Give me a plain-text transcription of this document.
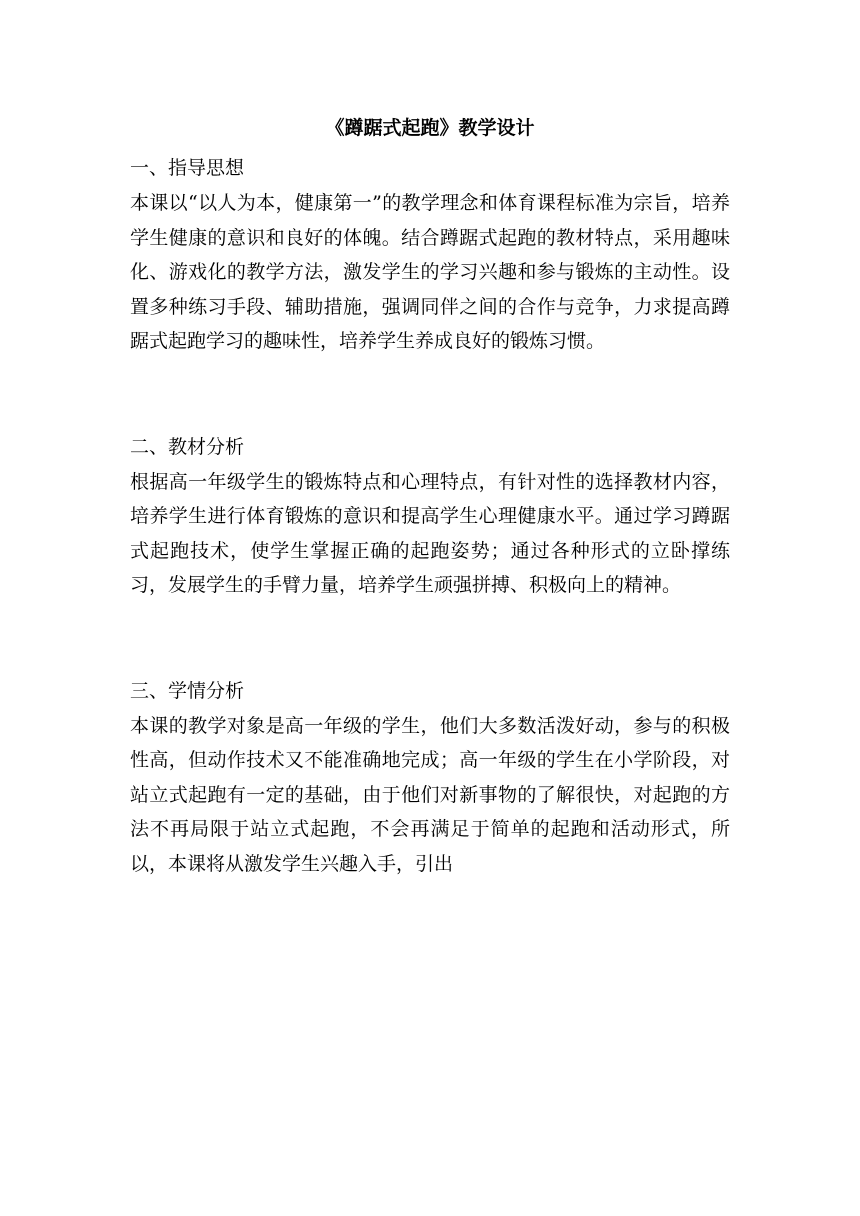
《蹲踞式起跑》教学设计

一、指导思想

本课以“以人为本，健康第一”的教学理念和体育课程标准为宗旨，培养学生健康的意识和良好的体魄。结合蹲踞式起跑的教材特点，采用趣味化、游戏化的教学方法，激发学生的学习兴趣和参与锻炼的主动性。设置多种练习手段、辅助措施，强调同伴之间的合作与竞争，力求提高蹲踞式起跑学习的趣味性，培养学生养成良好的锻炼习惯。

二、教材分析

根据高一年级学生的锻炼特点和心理特点，有针对性的选择教材内容，培养学生进行体育锻炼的意识和提高学生心理健康水平。通过学习蹲踞式起跑技术，使学生掌握正确的起跑姿势；通过各种形式的立卧撑练习，发展学生的手臂力量，培养学生顽强拼搏、积极向上的精神。

三、学情分析

本课的教学对象是高一年级的学生，他们大多数活泼好动，参与的积极性高，但动作技术又不能准确地完成；高一年级的学生在小学阶段，对站立式起跑有一定的基础，由于他们对新事物的了解很快，对起跑的方法不再局限于站立式起跑，不会再满足于简单的起跑和活动形式，所以，本课将从激发学生兴趣入手，引出
